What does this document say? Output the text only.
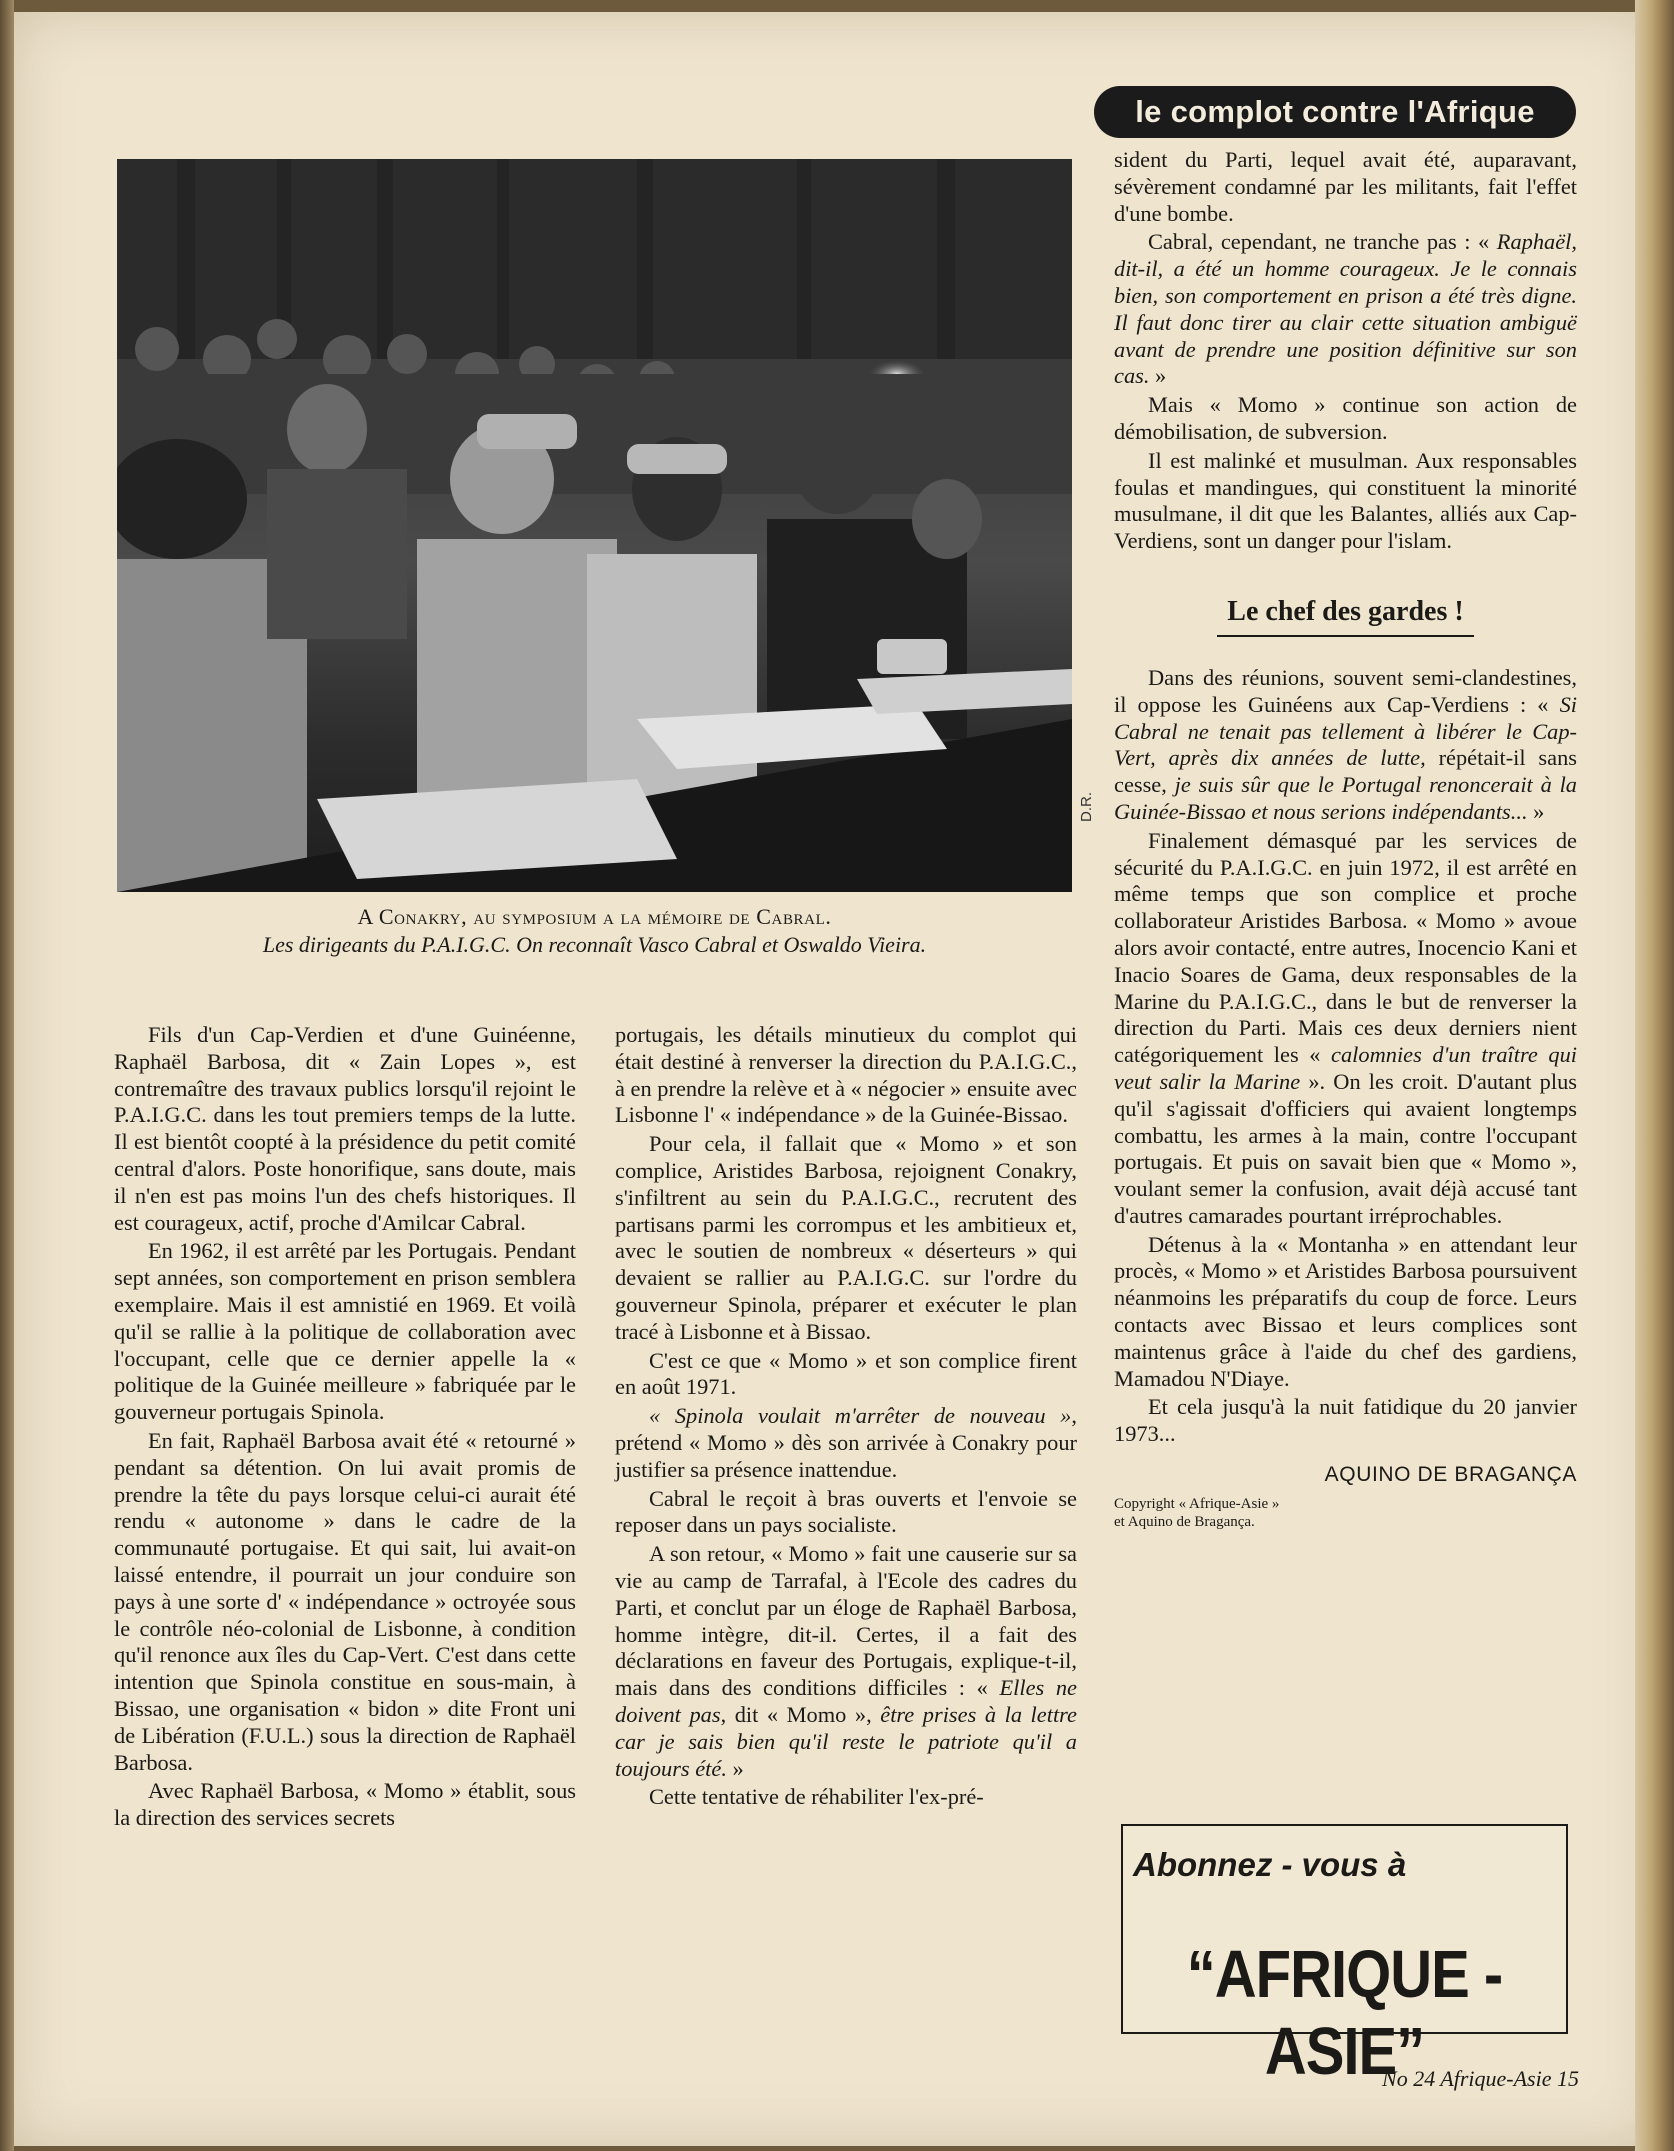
le complot contre l'Afrique
D.R.
A Conakry, au symposium a la mémoire de Cabral.
Les dirigeants du P.A.I.G.C. On reconnaît Vasco Cabral et Oswaldo Vieira.

Fils d'un Cap-Verdien et d'une Guinéenne, Raphaël Barbosa, dit « Zain Lopes », est contremaître des travaux publics lorsqu'il rejoint le P.A.I.G.C. dans les tout premiers temps de la lutte. Il est bientôt coopté à la présidence du petit comité central d'alors. Poste honorifique, sans doute, mais il n'en est pas moins l'un des chefs historiques. Il est courageux, actif, proche d'Amilcar Cabral.

En 1962, il est arrêté par les Portugais. Pendant sept années, son comportement en prison semblera exemplaire. Mais il est amnistié en 1969. Et voilà qu'il se rallie à la politique de collaboration avec l'occupant, celle que ce dernier appelle la « politique de la Guinée meilleure » fabriquée par le gouverneur portugais Spinola.

En fait, Raphaël Barbosa avait été « retourné » pendant sa détention. On lui avait promis de prendre la tête du pays lorsque celui-ci aurait été rendu « autonome » dans le cadre de la communauté portugaise. Et qui sait, lui avait-on laissé entendre, il pourrait un jour conduire son pays à une sorte d' « indépendance » octroyée sous le contrôle néo-colonial de Lisbonne, à condition qu'il renonce aux îles du Cap-Vert. C'est dans cette intention que Spinola constitue en sous-main, à Bissao, une organisation « bidon » dite Front uni de Libération (F.U.L.) sous la direction de Raphaël Barbosa.

Avec Raphaël Barbosa, « Momo » établit, sous la direction des services secrets

portugais, les détails minutieux du complot qui était destiné à renverser la direction du P.A.I.G.C., à en prendre la relève et à « négocier » ensuite avec Lisbonne l' « indépendance » de la Guinée-Bissao.

Pour cela, il fallait que « Momo » et son complice, Aristides Barbosa, rejoignent Conakry, s'infiltrent au sein du P.A.I.G.C., recrutent des partisans parmi les corrompus et les ambitieux et, avec le soutien de nombreux « déserteurs » qui devaient se rallier au P.A.I.G.C. sur l'ordre du gouverneur Spinola, préparer et exécuter le plan tracé à Lisbonne et à Bissao.

C'est ce que « Momo » et son complice firent en août 1971.

« Spinola voulait m'arrêter de nouveau », prétend « Momo » dès son arrivée à Conakry pour justifier sa présence inattendue.

Cabral le reçoit à bras ouverts et l'envoie se reposer dans un pays socialiste.

A son retour, « Momo » fait une causerie sur sa vie au camp de Tarrafal, à l'Ecole des cadres du Parti, et conclut par un éloge de Raphaël Barbosa, homme intègre, dit-il. Certes, il a fait des déclarations en faveur des Portugais, explique-t-il, mais dans des conditions difficiles : « Elles ne doivent pas, dit « Momo », être prises à la lettre car je sais bien qu'il reste le patriote qu'il a toujours été. »

Cette tentative de réhabiliter l'ex-pré-

sident du Parti, lequel avait été, auparavant, sévèrement condamné par les militants, fait l'effet d'une bombe.

Cabral, cependant, ne tranche pas : « Raphaël, dit-il, a été un homme courageux. Je le connais bien, son comportement en prison a été très digne. Il faut donc tirer au clair cette situation ambiguë avant de prendre une position définitive sur son cas. »

Mais « Momo » continue son action de démobilisation, de subversion.

Il est malinké et musulman. Aux responsables foulas et mandingues, qui constituent la minorité musulmane, il dit que les Balantes, alliés aux Cap-Verdiens, sont un danger pour l'islam.

Le chef des gardes !

Dans des réunions, souvent semi-clandestines, il oppose les Guinéens aux Cap-Verdiens : « Si Cabral ne tenait pas tellement à libérer le Cap-Vert, après dix années de lutte, répétait-il sans cesse, je suis sûr que le Portugal renoncerait à la Guinée-Bissao et nous serions indépendants... »

Finalement démasqué par les services de sécurité du P.A.I.G.C. en juin 1972, il est arrêté en même temps que son complice et proche collaborateur Aristides Barbosa. « Momo » avoue alors avoir contacté, entre autres, Inocencio Kani et Inacio Soares de Gama, deux responsables de la Marine du P.A.I.G.C., dans le but de renverser la direction du Parti. Mais ces deux derniers nient catégoriquement les « calomnies d'un traître qui veut salir la Marine ». On les croit. D'autant plus qu'il s'agissait d'officiers qui avaient longtemps combattu, les armes à la main, contre l'occupant portugais. Et puis on savait bien que « Momo », voulant semer la confusion, avait déjà accusé tant d'autres camarades pourtant irréprochables.

Détenus à la « Montanha » en attendant leur procès, « Momo » et Aristides Barbosa poursuivent néanmoins les préparatifs du coup de force. Leurs contacts avec Bissao et leurs complices sont maintenus grâce à l'aide du chef des gardiens, Mamadou N'Diaye.

Et cela jusqu'à la nuit fatidique du 20 janvier 1973...

AQUINO DE BRAGANÇA
Copyright « Afrique-Asie »
et Aquino de Bragança.
Abonnez - vous à
“AFRIQUE - ASIE”
No 24 Afrique-Asie 15
